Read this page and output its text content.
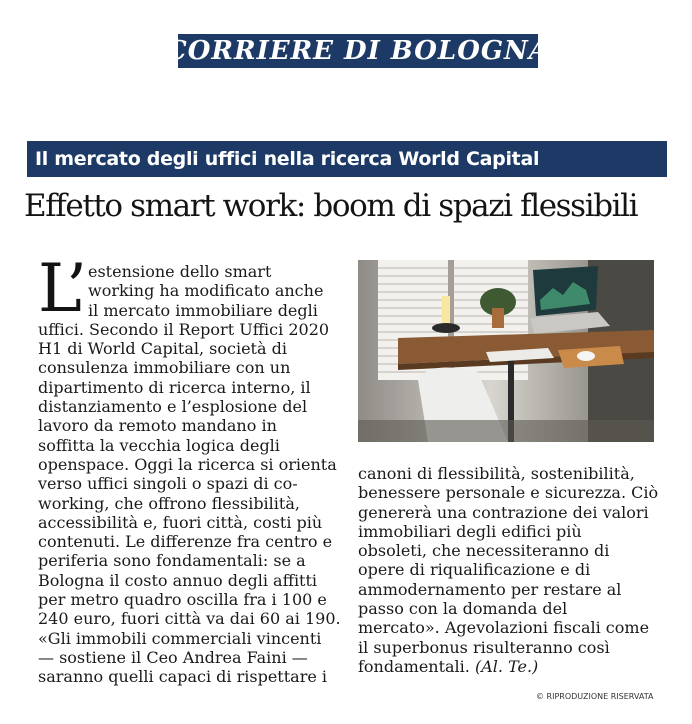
CORRIERE DI BOLOGNA
Il mercato degli uffici nella ricerca World Capital
Effetto smart work: boom di spazi flessibili
L’ estensione dello smart
working ha modificato anche
il mercato immobiliare degli
uffici. Secondo il Report Uffici 2020
H1 di World Capital, società di
consulenza immobiliare con un
dipartimento di ricerca interno, il
distanziamento e l’esplosione del
lavoro da remoto mandano in
soffitta la vecchia logica degli
openspace. Oggi la ricerca si orienta
verso uffici singoli o spazi di co-
working, che offrono flessibilità,
accessibilità e, fuori città, costi più
contenuti. Le differenze fra centro e
periferia sono fondamentali: se a
Bologna il costo annuo degli affitti
per metro quadro oscilla fra i 100 e
240 euro, fuori città va dai 60 ai 190.
«Gli immobili commerciali vincenti
— sostiene il Ceo Andrea Faini —
saranno quelli capaci di rispettare i
canoni di flessibilità, sostenibilità,
benessere personale e sicurezza. Ciò
genererà una contrazione dei valori
immobiliari degli edifici più
obsoleti, che necessiteranno di
opere di riqualificazione e di
ammodernamento per restare al
passo con la domanda del
mercato». Agevolazioni fiscali come
il superbonus risulteranno così
fondamentali. (Al. Te.)
© RIPRODUZIONE RISERVATA
